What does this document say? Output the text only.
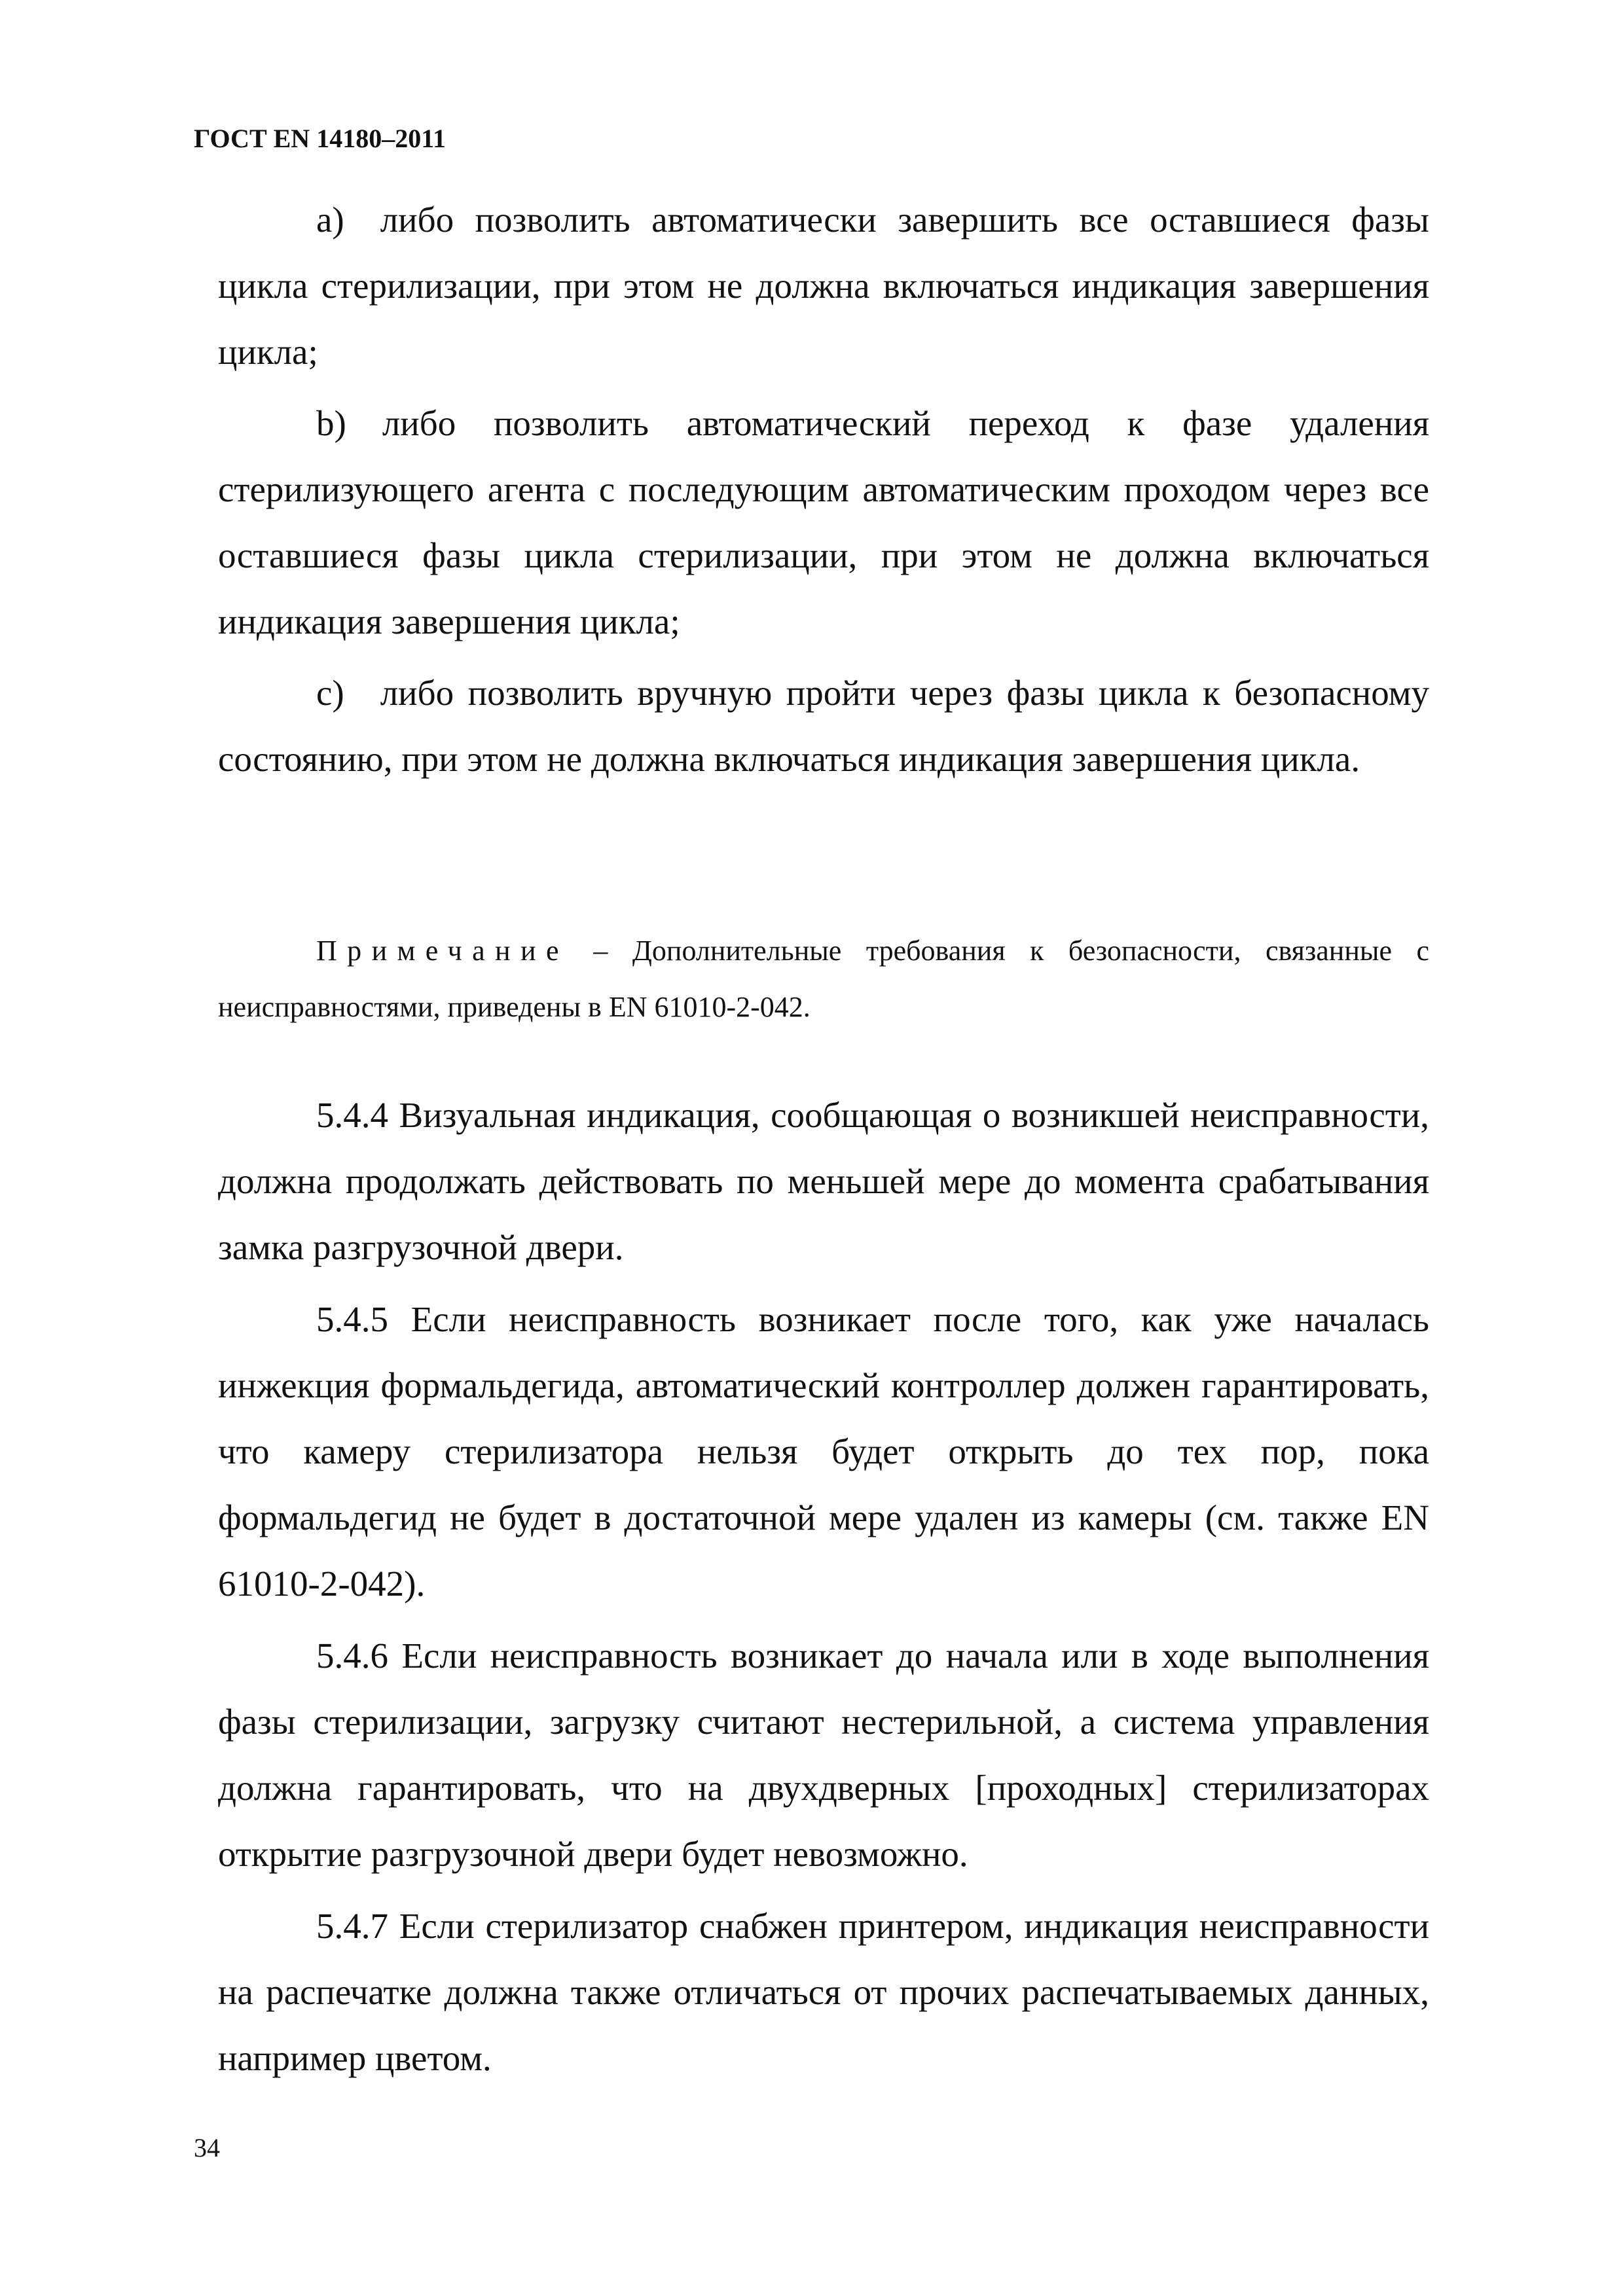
ГОСТ EN 14180–2011

a)  либо позволить автоматически завершить все оставшиеся фазы цикла стерилизации, при этом не должна включаться индикация завершения цикла;

b)  либо позволить автоматический переход к фазе удаления стерилизующего агента с последующим автоматическим проходом через все оставшиеся фазы цикла стерилизации, при этом не должна включаться индикация завершения цикла;

c)  либо позволить вручную пройти через фазы цикла к безопасному состоянию, при этом не должна включаться индикация завершения цикла.

Примечание – Дополнительные требования к безопасности, связанные с неисправностями, приведены в EN 61010-2-042.

5.4.4 Визуальная индикация, сообщающая о возникшей неисправности, должна продолжать действовать по меньшей мере до момента срабатывания замка разгрузочной двери.

5.4.5 Если неисправность возникает после того, как уже началась инжекция формальдегида, автоматический контроллер должен гарантировать, что камеру стерилизатора нельзя будет открыть до тех пор, пока формальдегид не будет в достаточной мере удален из камеры (см. также EN 61010-2-042).

5.4.6 Если неисправность возникает до начала или в ходе выполнения фазы стерилизации, загрузку считают нестерильной, а система управления должна гарантировать, что на двухдверных [проходных] стерилизаторах открытие разгрузочной двери будет невозможно.

5.4.7 Если стерилизатор снабжен принтером, индикация неисправности на распечатке должна также отличаться от прочих распечатываемых данных, например цветом.

34
